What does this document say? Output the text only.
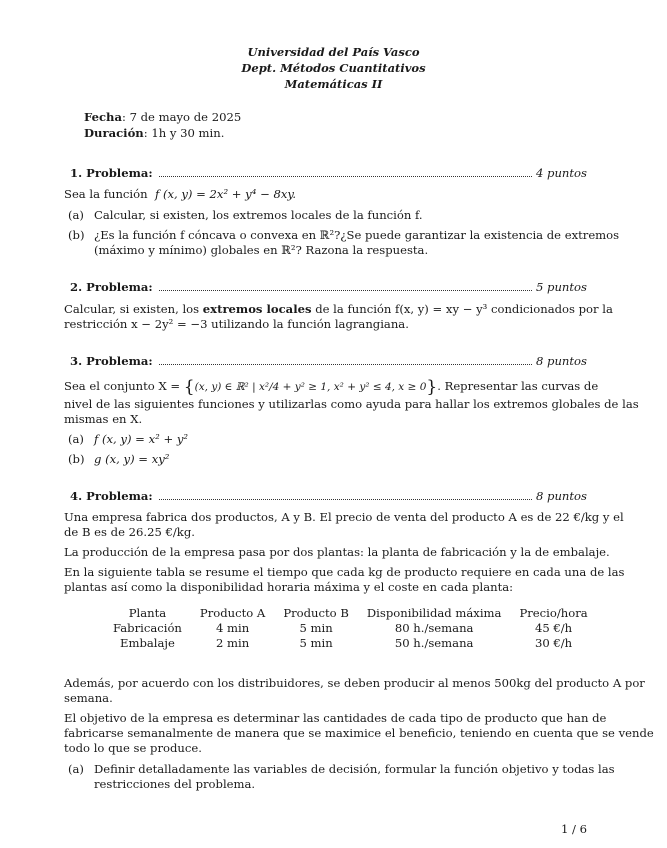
Universidad del País Vasco
Dept. Métodos Cuantitativos
Matemáticas II
Fecha: 7 de mayo de 2025
Duración: 1h y 30 min.
1. Problema:	4 puntos
Sea la función f (x, y) = 2x² + y⁴ − 8xy.
(a) Calcular, si existen, los extremos locales de la función f.
(b) ¿Es la función f cóncava o convexa en ℝ²?¿Se puede garantizar la existencia de extremos
(máximo y mínimo) globales en ℝ²? Razona la respuesta.
2. Problema:	5 puntos
Calcular, si existen, los extremos locales de la función f(x, y) = xy − y³ condicionados por la
restricción x − 2y² = −3 utilizando la función lagrangiana.
3. Problema:	8 puntos
Sea el conjunto X = {(x, y) ∈ ℝ² | x²/4 + y² ≥ 1, x² + y² ≤ 4, x ≥ 0}. Representar las curvas de
nivel de las siguientes funciones y utilizarlas como ayuda para hallar los extremos globales de las
mismas en X.
(a) f (x, y) = x² + y²
(b) g (x, y) = xy²
4. Problema:	8 puntos
Una empresa fabrica dos productos, A y B. El precio de venta del producto A es de 22 €/kg y el
de B es de 26.25 €/kg.
La producción de la empresa pasa por dos plantas: la planta de fabricación y la de embalaje.
En la siguiente tabla se resume el tiempo que cada kg de producto requiere en cada una de las
plantas así como la disponibilidad horaria máxima y el coste en cada planta:
Planta	Producto A	Producto B	Disponibilidad máxima	Precio/hora
Fabricación	4 min	5 min	80 h./semana	45 €/h
Embalaje	2 min	5 min	50 h./semana	30 €/h
Además, por acuerdo con los distribuidores, se deben producir al menos 500kg del producto A por
semana.
El objetivo de la empresa es determinar las cantidades de cada tipo de producto que han de
fabricarse semanalmente de manera que se maximice el beneficio, teniendo en cuenta que se vende
todo lo que se produce.
(a) Definir detalladamente las variables de decisión, formular la función objetivo y todas las
restricciones del problema.
1 / 6
